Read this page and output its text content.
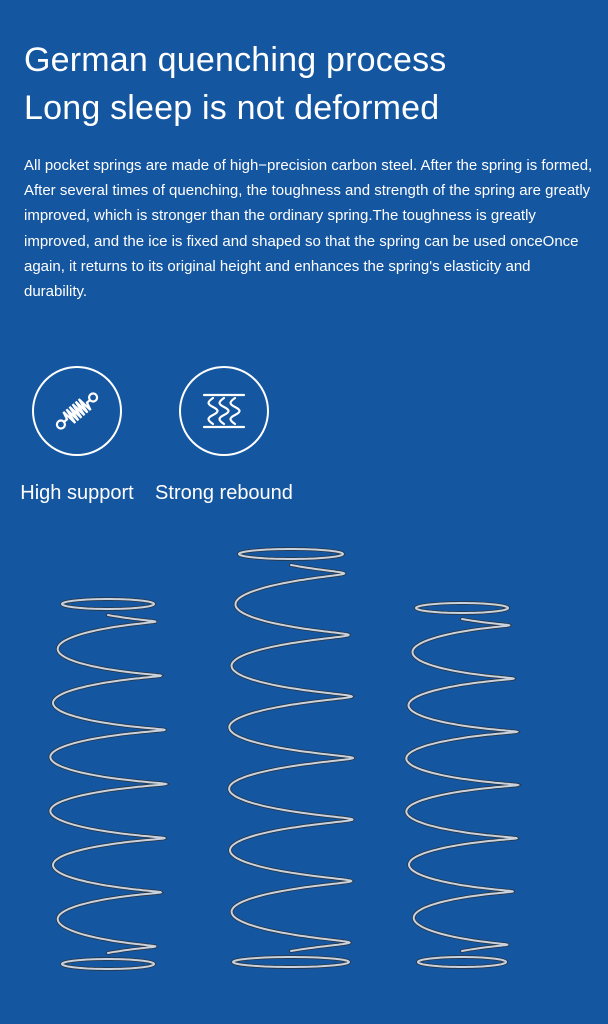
German quenching process
Long sleep is not deformed

All pocket springs are made of high−precision carbon steel. After the spring is formed, After several times of quenching, the toughness and strength of the spring are greatly improved, which is stronger than the ordinary spring.The toughness is greatly improved, and the ice is fixed and shaped so that the spring can be used onceOnce again, it returns to its original height and enhances the spring's elasticity and durability.

High support	Strong rebound
